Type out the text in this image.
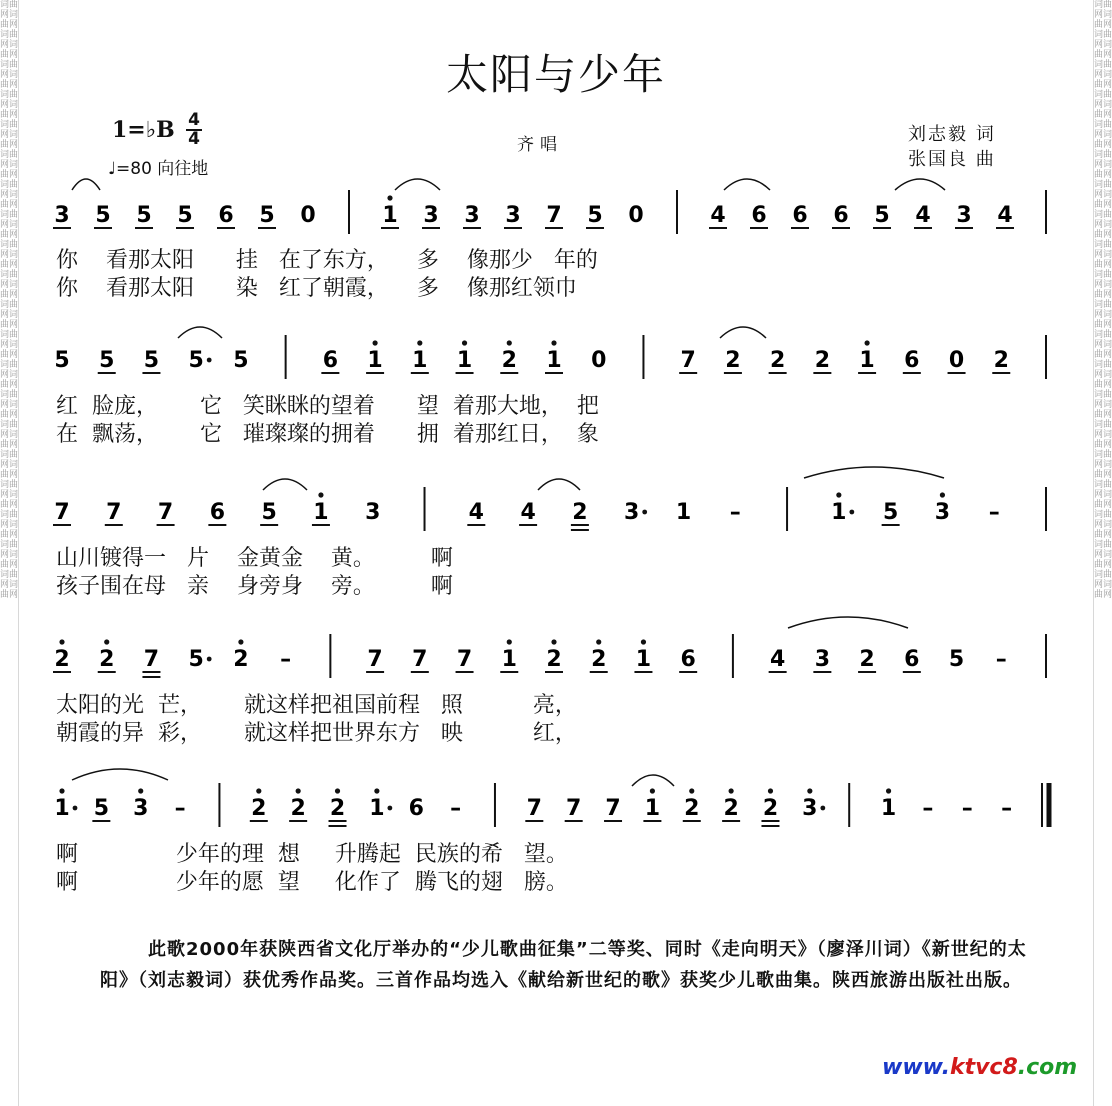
词曲网词曲网词曲网词曲网词曲网词曲网词曲网词曲网词曲网词曲网词曲网词曲网词曲网词曲网词曲网词曲网词曲网词曲网词曲网词曲网词曲网词曲网词曲网词曲网词曲网词曲网词曲网词曲网词曲网词曲网词曲网词曲网词曲网词曲网词曲网词曲网词曲网词曲网词曲网词曲网
词曲网词曲网词曲网词曲网词曲网词曲网词曲网词曲网词曲网词曲网词曲网词曲网词曲网词曲网词曲网词曲网词曲网词曲网词曲网词曲网词曲网词曲网词曲网词曲网词曲网词曲网词曲网词曲网词曲网词曲网词曲网词曲网词曲网词曲网词曲网词曲网词曲网词曲网词曲网词曲网
太阳与少年
1=♭B 4
4
♩=80 向往地
齐唱	刘志毅 词
张国良 曲
3 5 5 5 6 5 0	1 3 3 3 7 5 0	4 6 6 6 5 4 3 4
5 5 5 5 5	6 1 1 1 2 1 0	7 2 2 2 1 6 0 2
7 7 7 6 5 1 3	4 4 2 3 1 –	1 5 3 –
2 2 7 5 2 –	7 7 7 1 2 2 1 6	4 3 2 6 5 –
1 5 3 –	2 2 2 1 6 –	7 7 7 1 2 2 2 3	1 – – –
你    看那太阳      挂   在了东方，    多    像那少   年的
你    看那太阳      染   红了朝霞，    多    像那红领巾
红  脸庞，      它   笑眯眯的望着      望  着那大地，  把
在  飘荡，      它   璀璨璨的拥着      拥  着那红日，  象
山川镀得一   片    金黄金    黄。        啊
孩子围在母   亲    身旁身    旁。        啊
太阳的光  芒，      就这样把祖国前程   照          亮，
朝霞的异  彩，      就这样把世界东方   映          红，
啊              少年的理  想     升腾起  民族的希   望。
啊              少年的愿  望     化作了  腾飞的翅   膀。
此歌2000年获陕西省文化厅举办的“少儿歌曲征集”二等奖、同时《走向明天》（廖泽川词）《新世纪的太阳》（刘志毅词）获优秀作品奖。三首作品均选入《献给新世纪的歌》获奖少儿歌曲集。陕西旅游出版社出版。
www.ktvc8.com
